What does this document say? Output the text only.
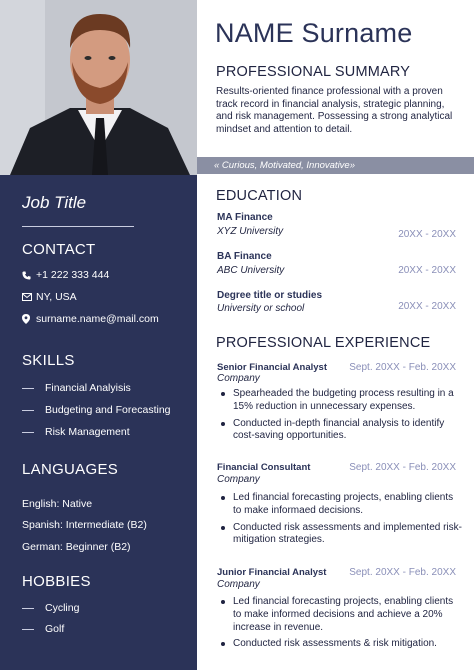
Job Title
CONTACT
+1 222 333 444
NY, USA
surname.name@mail.com
SKILLS
Financial Analyisis
Budgeting and Forecasting
Risk Management
LANGUAGES
English: Native
Spanish: Intermediate (B2)
German: Beginner (B2)
HOBBIES
Cycling
Golf
NAME Surname
PROFESSIONAL SUMMARY
Results-oriented finance professional with a proven track record in financial analysis, strategic planning, and risk management. Possessing a strong analytical mindset and attention to detail.
« Curious, Motivated, Innovative»
EDUCATION
MA Finance
XYZ University	20XX - 20XX
BA Finance
ABC University	20XX - 20XX
Degree title or studies
University or school	20XX - 20XX
PROFESSIONAL EXPERIENCE
Senior Financial Analyst Sept. 20XX - Feb. 20XX
Company
Spearheaded the budgeting process resulting in a 15% reduction in unnecessary expenses.
Conducted in-depth financial analysis to identify cost-saving opportunities.
Financial Consultant	Sept. 20XX - Feb. 20XX
Company
Led financial forecasting projects, enabling clients to make informaed decisions.
Conducted risk assessments and implemented risk-mitigation strategies.
Junior Financial Analyst Sept. 20XX - Feb. 20XX
Company
Led financial forecasting projects, enabling clients to make informed decisions and achieve a 20% increase in revenue.
Conducted risk assessments & risk mitigation.
